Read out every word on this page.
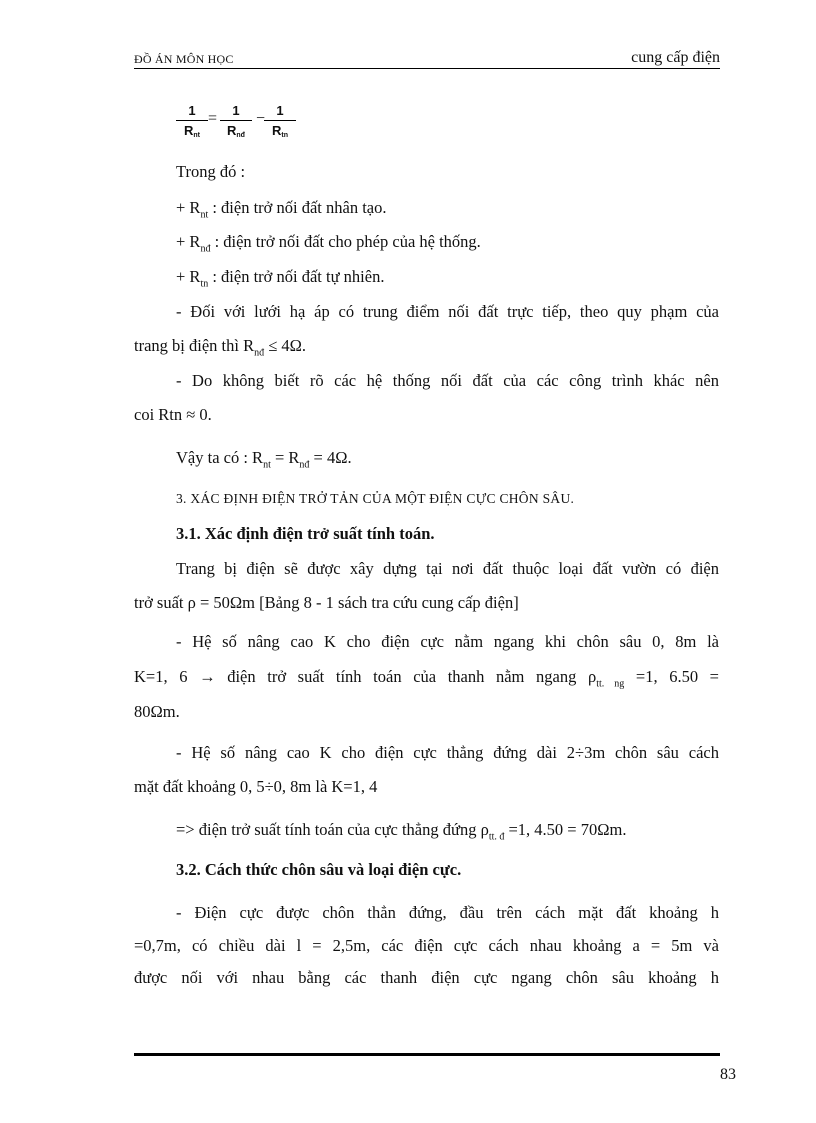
ĐỒ ÁN MÔN HỌC	cung cấp điện
1
$R_{nt}$
=	1
$R_{nđ}$
− 1
$R_{tn}$
Trong đó :
+ $R_{nt}$ : điện trở nối đất nhân tạo.
+ $R_{nđ}$ : điện trở nối đất cho phép của hệ thống.
+ $R_{tn}$ : điện trở nối đất tự nhiên.
- Đối với lưới hạ áp có trung điểm nối đất trực tiếp, theo quy phạm của
trang bị điện thì $R_{nđ} \le 4\Omega$.
- Do không biết rõ các hệ thống nối đất của các công trình khác nên
coi Rtn ≈ 0.
Vậy ta có : $R_{nt} = R_{nđ} = 4\Omega$.
3. XÁC ĐỊNH ĐIỆN TRỞ TẢN CỦA MỘT ĐIỆN CỰC CHÔN SÂU.
3.1. Xác định điện trở suất tính toán.
Trang bị điện sẽ được xây dựng tại nơi đất thuộc loại đất vườn có điện
trở suất ρ = 50Ωm [Bảng 8 - 1 sách tra cứu cung cấp điện]
- Hệ số nâng cao K cho điện cực nằm ngang khi chôn sâu 0, 8m là
K=1, 6 → điện trở suất tính toán của thanh nằm ngang $\rho_{tt. ng} =1$, 6.50 =
80Ωm.
- Hệ số nâng cao K cho điện cực thẳng đứng dài 2÷3m chôn sâu cách
mặt đất khoảng 0, 5÷0, 8m là K=1, 4
=> điện trở suất tính toán của cực thẳng đứng $\rho_{tt. đ} =1$, 4.50 = 70Ωm.
3.2. Cách thức chôn sâu và loại điện cực.
- Điện cực được chôn thẳn đứng, đầu trên cách mặt đất khoảng h
=0,7m, có chiều dài l = 2,5m, các điện cực cách nhau khoảng a = 5m và
được nối với nhau bằng các thanh điện cực ngang chôn sâu khoảng h
83
